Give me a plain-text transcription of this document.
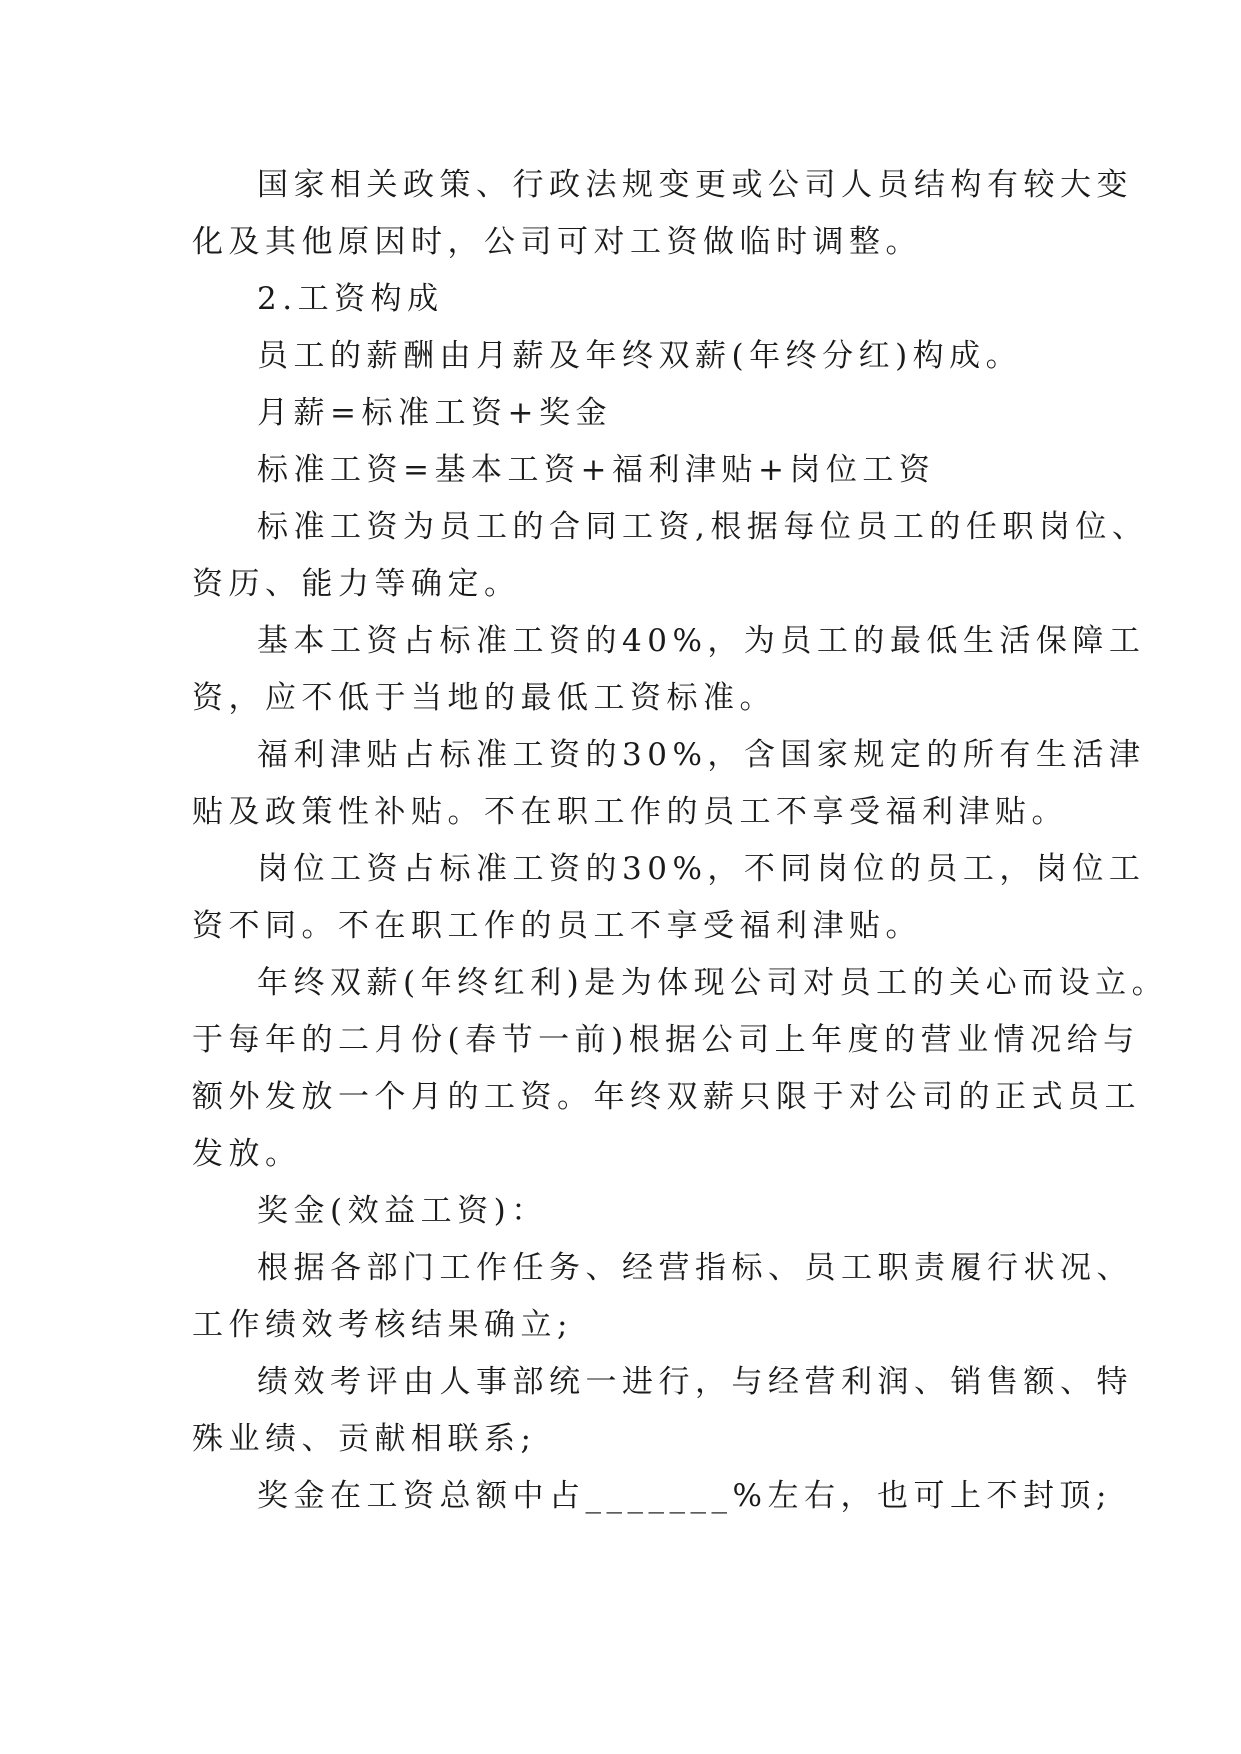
国家相关政策、行政法规变更或公司人员结构有较大变
化及其他原因时，公司可对工资做临时调整。
2.工资构成
员工的薪酬由月薪及年终双薪(年终分红)构成。
月薪=标准工资+奖金
标准工资=基本工资+福利津贴+岗位工资
标准工资为员工的合同工资,根据每位员工的任职岗位、
资历、能力等确定。
基本工资占标准工资的40%，为员工的最低生活保障工
资，应不低于当地的最低工资标准。
福利津贴占标准工资的30%，含国家规定的所有生活津
贴及政策性补贴。不在职工作的员工不享受福利津贴。
岗位工资占标准工资的30%，不同岗位的员工，岗位工
资不同。不在职工作的员工不享受福利津贴。
年终双薪(年终红利)是为体现公司对员工的关心而设立。
于每年的二月份(春节一前)根据公司上年度的营业情况给与
额外发放一个月的工资。年终双薪只限于对公司的正式员工
发放。
奖金(效益工资)：
根据各部门工作任务、经营指标、员工职责履行状况、
工作绩效考核结果确立;
绩效考评由人事部统一进行，与经营利润、销售额、特
殊业绩、贡献相联系;
奖金在工资总额中占_______%左右，也可上不封顶;
